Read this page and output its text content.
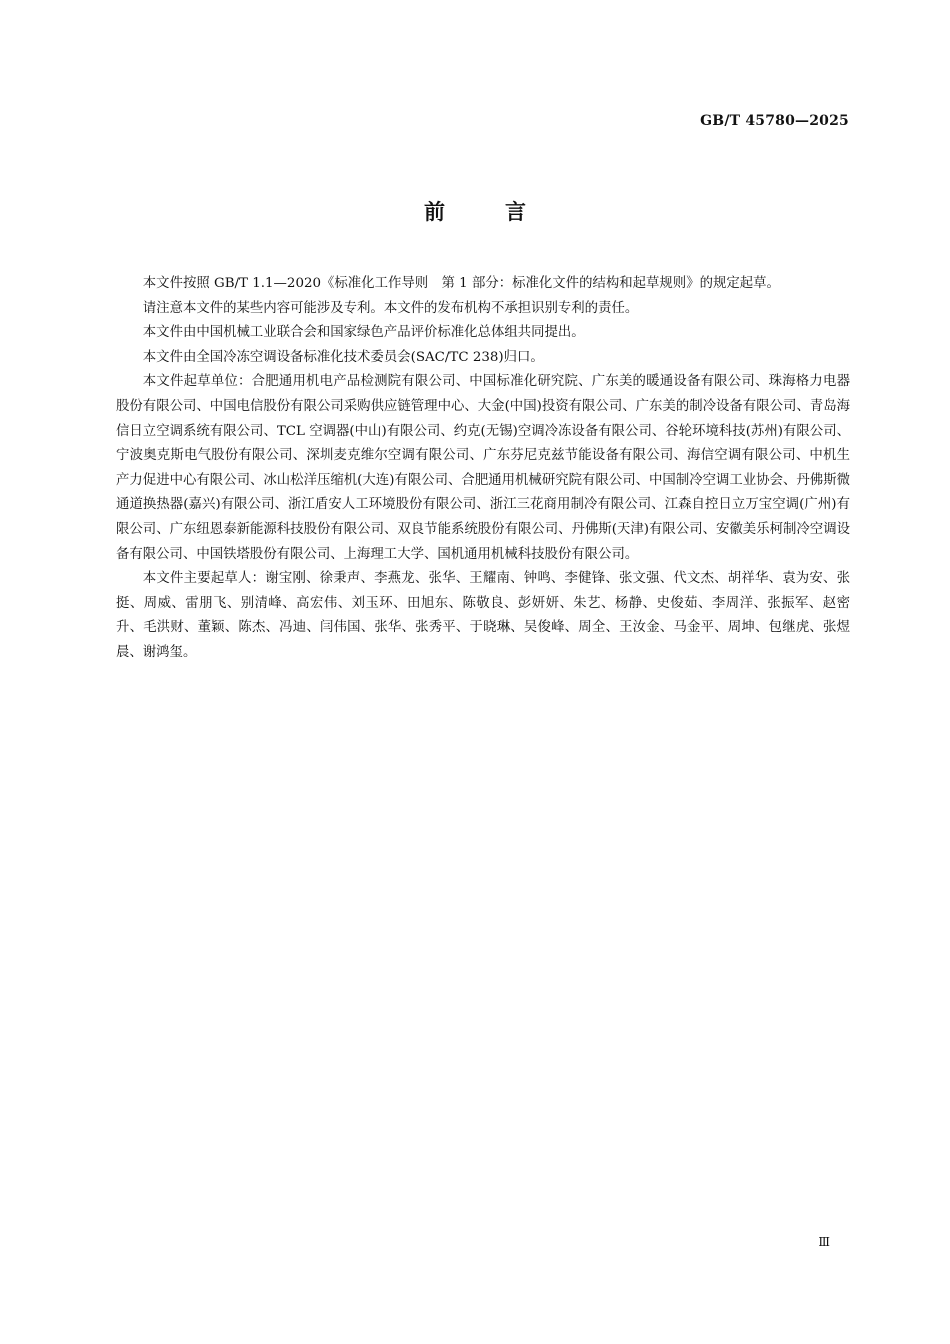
GB/T 45780—2025
前言

本文件按照 GB/T 1.1—2020《标准化工作导则　第 1 部分：标准化文件的结构和起草规则》的规定起草。

请注意本文件的某些内容可能涉及专利。本文件的发布机构不承担识别专利的责任。

本文件由中国机械工业联合会和国家绿色产品评价标准化总体组共同提出。

本文件由全国冷冻空调设备标准化技术委员会(SAC/TC 238)归口。

本文件起草单位：合肥通用机电产品检测院有限公司、中国标准化研究院、广东美的暖通设备有限公司、珠海格力电器股份有限公司、中国电信股份有限公司采购供应链管理中心、大金(中国)投资有限公司、广东美的制冷设备有限公司、青岛海信日立空调系统有限公司、TCL 空调器(中山)有限公司、约克(无锡)空调冷冻设备有限公司、谷轮环境科技(苏州)有限公司、宁波奥克斯电气股份有限公司、深圳麦克维尔空调有限公司、广东芬尼克兹节能设备有限公司、海信空调有限公司、中机生产力促进中心有限公司、冰山松洋压缩机(大连)有限公司、合肥通用机械研究院有限公司、中国制冷空调工业协会、丹佛斯微通道换热器(嘉兴)有限公司、浙江盾安人工环境股份有限公司、浙江三花商用制冷有限公司、江森自控日立万宝空调(广州)有限公司、广东纽恩泰新能源科技股份有限公司、双良节能系统股份有限公司、丹佛斯(天津)有限公司、安徽美乐柯制冷空调设备有限公司、中国铁塔股份有限公司、上海理工大学、国机通用机械科技股份有限公司。

本文件主要起草人：谢宝刚、徐秉声、李燕龙、张华、王耀南、钟鸣、李健锋、张文强、代文杰、胡祥华、袁为安、张挺、周威、雷朋飞、别清峰、高宏伟、刘玉环、田旭东、陈敬良、彭妍妍、朱艺、杨静、史俊茹、李周洋、张振军、赵密升、毛洪财、董颖、陈杰、冯迪、闫伟国、张华、张秀平、于晓琳、吴俊峰、周全、王汝金、马金平、周坤、包继虎、张煜晨、谢鸿玺。

Ⅲ
